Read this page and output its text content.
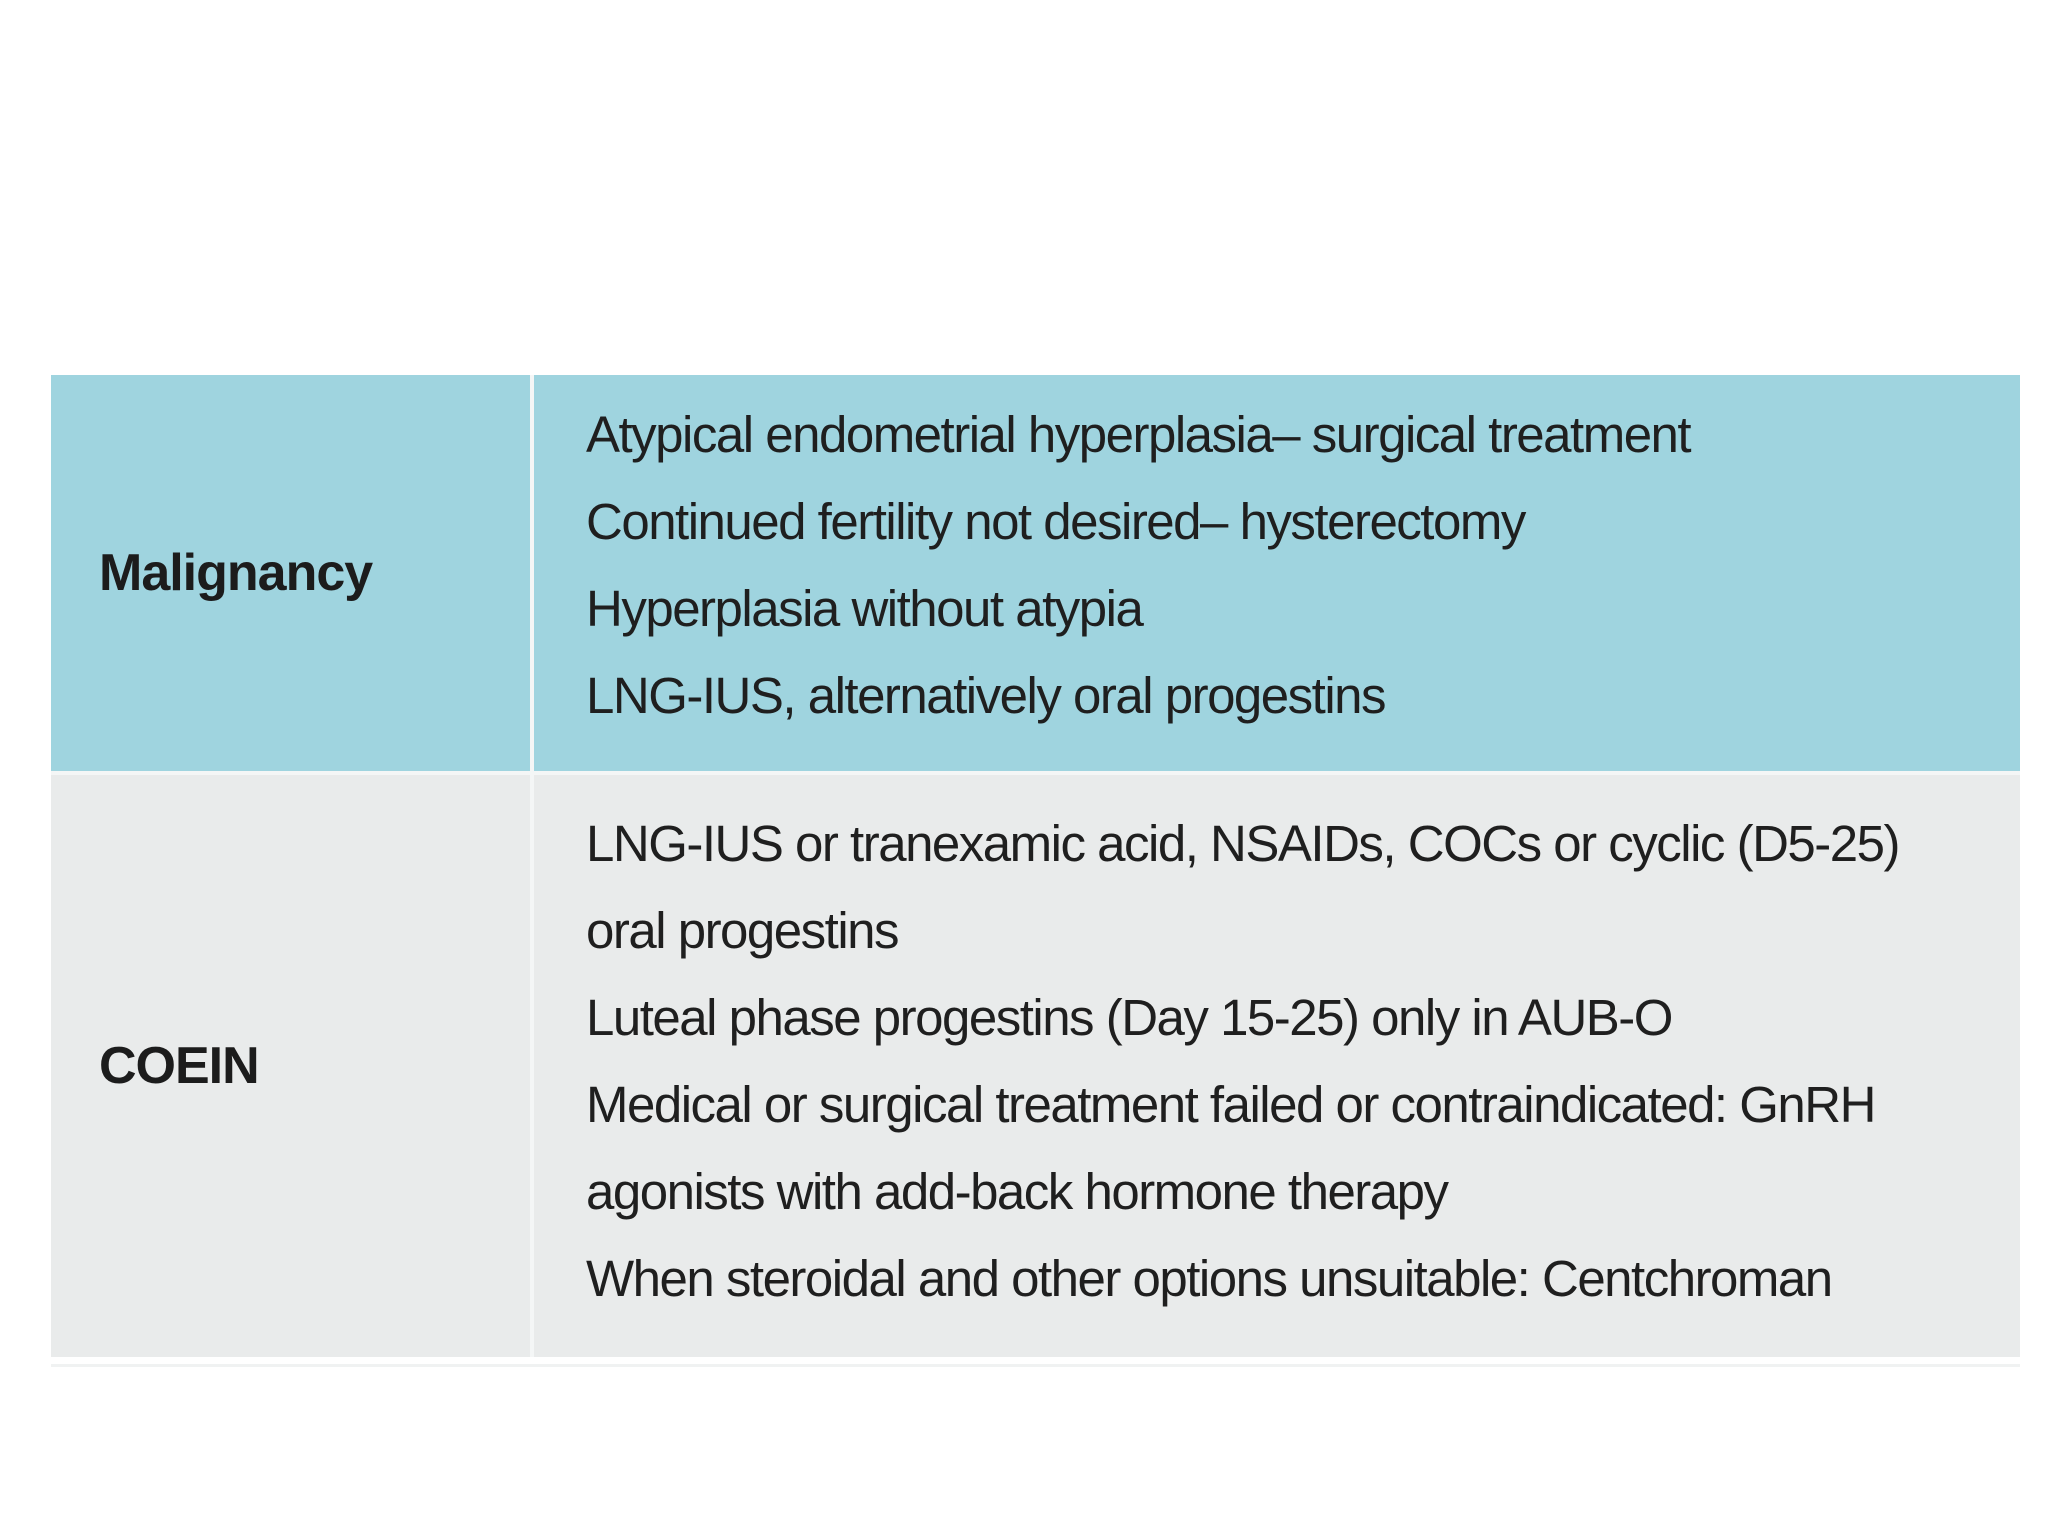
Malignancy
Atypical endometrial hyperplasia– surgical treatment
Continued fertility not desired– hysterectomy
Hyperplasia without atypia
LNG-IUS, alternatively oral progestins
COEIN
LNG-IUS or tranexamic acid, NSAIDs, COCs or cyclic (D5-25) oral progestins
Luteal phase progestins (Day 15-25) only in AUB-O
Medical or surgical treatment failed or contraindicated: GnRH agonists with add-back hormone therapy
When steroidal and other options unsuitable: Centchroman
